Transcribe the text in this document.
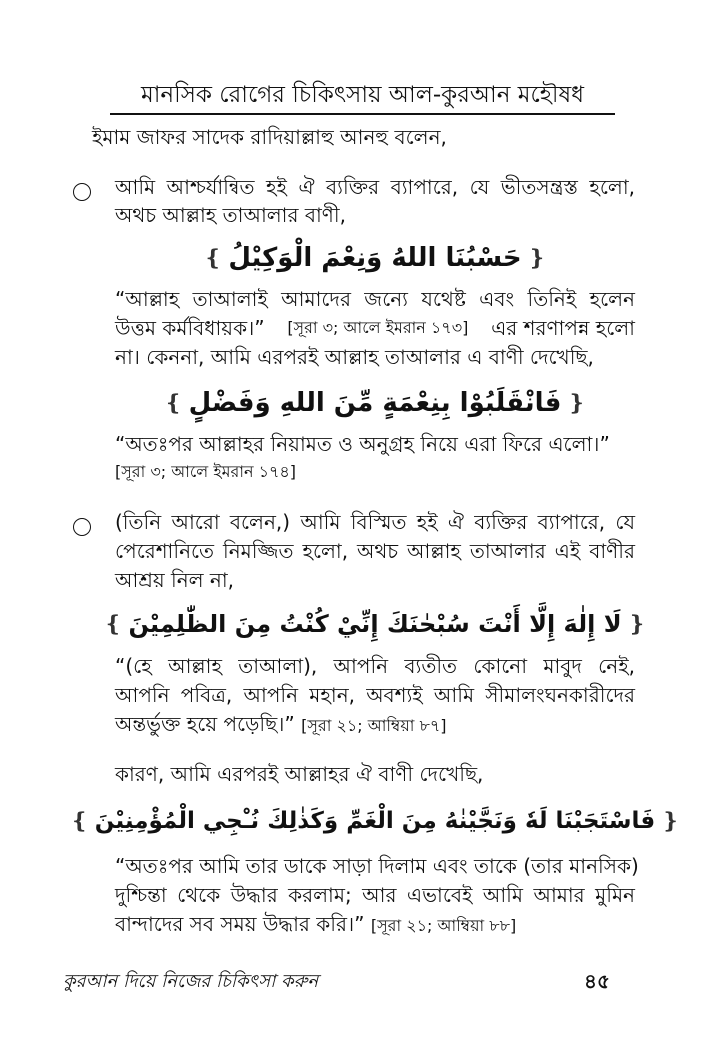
মানসিক রোগের চিকিৎসায় আল-কুরআন মহৌষধ
ইমাম জাফর সাদেক রাদিয়াল্লাহু আনহু বলেন,
আমি আশ্চর্যান্বিত হই ঐ ব্যক্তির ব্যাপারে, যে ভীতসন্ত্রস্ত হলো,
অথচ আল্লাহ তাআলার বাণী,
❵
حَسْبُنَا اللهُ وَنِعْمَ الْوَكِيْلُ
❴
“আল্লাহ তাআলাই আমাদের জন্যে যথেষ্ট এবং তিনিই হলেন
উত্তম কর্মবিধায়ক।” [সূরা ৩; আলে ইমরান ১৭৩] এর শরণাপন্ন হলো
না। কেননা, আমি এরপরই আল্লাহ তাআলার এ বাণী দেখেছি,
❵
فَانْقَلَبُوْا بِنِعْمَةٍ مِّنَ اللهِ وَفَضْلٍ
❴
“অতঃপর আল্লাহর নিয়ামত ও অনুগ্রহ নিয়ে এরা ফিরে এলো।”
[সূরা ৩; আলে ইমরান ১৭৪]
(তিনি আরো বলেন,) আমি বিস্মিত হই ঐ ব্যক্তির ব্যাপারে, যে
পেরেশানিতে নিমজ্জিত হলো, অথচ আল্লাহ তাআলার এই বাণীর
আশ্রয় নিল না,
❵
لَا إِلٰهَ إِلَّا أَنْتَ سُبْحٰنَكَ إِنِّيْ كُنْتُ مِنَ الظّٰلِمِيْنَ
❴
“(হে আল্লাহ তাআলা), আপনি ব্যতীত কোনো মাবুদ নেই,
আপনি পবিত্র, আপনি মহান, অবশ্যই আমি সীমালংঘনকারীদের
অন্তর্ভুক্ত হয়ে পড়েছি।” [সূরা ২১; আম্বিয়া ৮৭]
কারণ, আমি এরপরই আল্লাহর ঐ বাণী দেখেছি,
❵
فَاسْتَجَبْنَا لَهٗ وَنَجَّيْنٰهُ مِنَ الْغَمِّ وَكَذٰلِكَ نُـْجِي الْمُؤْمِنِيْنَ
❴
“অতঃপর আমি তার ডাকে সাড়া দিলাম এবং তাকে (তার মানসিক)
দুশ্চিন্তা থেকে উদ্ধার করলাম; আর এভাবেই আমি আমার মুমিন
বান্দাদের সব সময় উদ্ধার করি।” [সূরা ২১; আম্বিয়া ৮৮]
কুরআন দিয়ে নিজের চিকিৎসা করুন	৪৫
